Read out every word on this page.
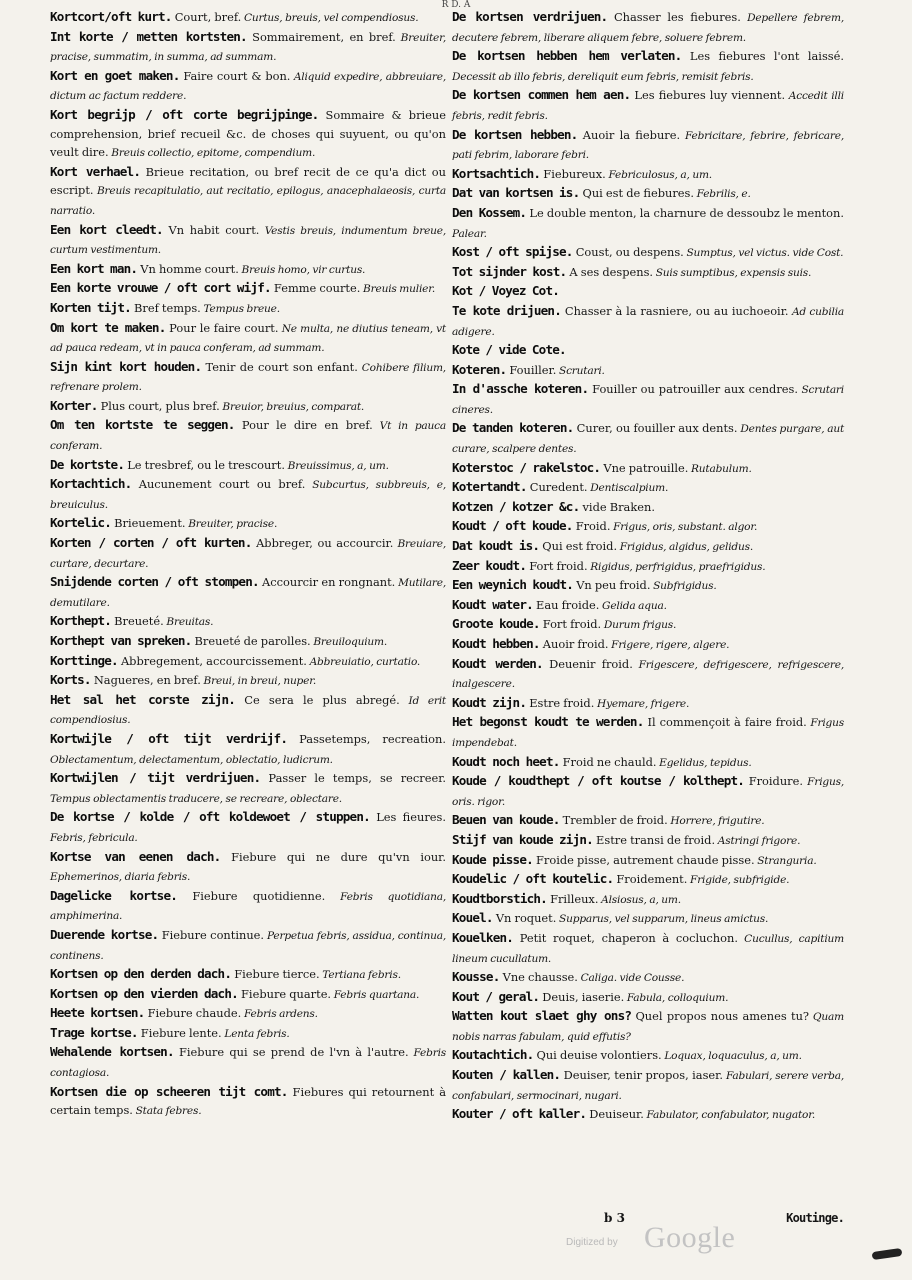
R D. A

Kortcort/oft kurt. Court, bref. Curtus, breuis, vel compendiosus.

Int korte / metten kortsten. Sommairement, en bref. Breuiter, pracise, summatim, in summa, ad summam.

Kort en goet maken. Faire court & bon. Aliquid expedire, abbreuiare, dictum ac factum reddere.

Kort begrijp / oft corte begrijpinge. Sommaire & brieue comprehension, brief recueil &c. de choses qui suyuent, ou qu'on veult dire. Breuis collectio, epitome, compendium.

Kort verhael. Brieue recitation, ou bref recit de ce qu'a dict ou escript. Breuis recapitulatio, aut recitatio, epilogus, anacephalaeosis, curta narratio.

Een kort cleedt. Vn habit court. Vestis breuis, indumentum breue, curtum vestimentum.

Een kort man. Vn homme court. Breuis homo, vir curtus.

Een korte vrouwe / oft cort wijf. Femme courte. Breuis mulier.

Korten tijt. Bref temps. Tempus breue.

Om kort te maken. Pour le faire court. Ne multa, ne diutius teneam, vt ad pauca redeam, vt in pauca conferam, ad summam.

Sijn kint kort houden. Tenir de court son enfant. Cohibere filium, refrenare prolem.

Korter. Plus court, plus bref. Breuior, breuius, comparat.

Om ten kortste te seggen. Pour le dire en bref. Vt in pauca conferam.

De kortste. Le tresbref, ou le trescourt. Breuissimus, a, um.

Kortachtich. Aucunement court ou bref. Subcurtus, subbreuis, e, breuiculus.

Kortelic. Brieuement. Breuiter, pracise.

Korten / corten / oft kurten. Abbreger, ou accourcir. Breuiare, curtare, decurtare.

Snijdende corten / oft stompen. Accourcir en rongnant. Mutilare, demutilare.

Korthept. Breueté. Breuitas.

Korthept van spreken. Breueté de parolles. Breuiloquium.

Korttinge. Abbregement, accourcissement. Abbreuiatio, curtatio.

Korts. Nagueres, en bref. Breui, in breui, nuper.

Het sal het corste zijn. Ce sera le plus abregé. Id erit compendiosius.

Kortwijle / oft tijt verdrijf. Passetemps, recreation. Oblectamentum, delectamentum, oblectatio, ludicrum.

Kortwijlen / tijt verdrijuen. Passer le temps, se recreer. Tempus oblectamentis traducere, se recreare, oblectare.

De kortse / kolde / oft koldewoet / stuppen. Les fieures. Febris, febricula.

Kortse van eenen dach. Fiebure qui ne dure qu'vn iour. Ephemerinos, diaria febris.

Dagelicke kortse. Fiebure quotidienne. Febris quotidiana, amphimerina.

Duerende kortse. Fiebure continue. Perpetua febris, assidua, continua, continens.

Kortsen op den derden dach. Fiebure tierce. Tertiana febris.

Kortsen op den vierden dach. Fiebure quarte. Febris quartana.

Heete kortsen. Fiebure chaude. Febris ardens.

Trage kortse. Fiebure lente. Lenta febris.

Wehalende kortsen. Fiebure qui se prend de l'vn à l'autre. Febris contagiosa.

Kortsen die op scheeren tijt comt. Fiebures qui retournent à certain temps. Stata febres.

De kortsen verdrijuen. Chasser les fiebures. Depellere febrem, decutere febrem, liberare aliquem febre, soluere febrem.

De kortsen hebben hem verlaten. Les fiebures l'ont laissé. Decessit ab illo febris, dereliquit eum febris, remisit febris.

De kortsen commen hem aen. Les fiebures luy viennent. Accedit illi febris, redit febris.

De kortsen hebben. Auoir la fiebure. Febricitare, febrire, febricare, pati febrim, laborare febri.

Kortsachtich. Fiebureux. Febriculosus, a, um.

Dat van kortsen is. Qui est de fiebures. Febrilis, e.

Den Kossem. Le double menton, la charnure de dessoubz le menton. Palear.

Kost / oft spijse. Coust, ou despens. Sumptus, vel victus. vide Cost.

Tot sijnder kost. A ses despens. Suis sumptibus, expensis suis.

Kot / Voyez Cot.

Te kote drijuen. Chasser à la rasniere, ou au iuchoeoir. Ad cubilia adigere.

Kote / vide Cote.

Koteren. Fouiller. Scrutari.

In d'assche koteren. Fouiller ou patrouiller aux cendres. Scrutari cineres.

De tanden koteren. Curer, ou fouiller aux dents. Dentes purgare, aut curare, scalpere dentes.

Koterstoc / rakelstoc. Vne patrouille. Rutabulum.

Kotertandt. Curedent. Dentiscalpium.

Kotzen / kotzer &c. vide Braken.

Koudt / oft koude. Froid. Frigus, oris, substant. algor.

Dat koudt is. Qui est froid. Frigidus, algidus, gelidus.

Zeer koudt. Fort froid. Rigidus, perfrigidus, praefrigidus.

Een weynich koudt. Vn peu froid. Subfrigidus.

Koudt water. Eau froide. Gelida aqua.

Groote koude. Fort froid. Durum frigus.

Koudt hebben. Auoir froid. Frigere, rigere, algere.

Koudt werden. Deuenir froid. Frigescere, defrigescere, refrigescere, inalgescere.

Koudt zijn. Estre froid. Hyemare, frigere.

Het begonst koudt te werden. Il commençoit à faire froid. Frigus impendebat.

Koudt noch heet. Froid ne chauld. Egelidus, tepidus.

Koude / koudthept / oft koutse / kolthept. Froidure. Frigus, oris. rigor.

Beuen van koude. Trembler de froid. Horrere, frigutire.

Stijf van koude zijn. Estre transi de froid. Astringi frigore.

Koude pisse. Froide pisse, autrement chaude pisse. Stranguria.

Koudelic / oft koutelic. Froidement. Frigide, subfrigide.

Koudtborstich. Frilleux. Alsiosus, a, um.

Kouel. Vn roquet. Supparus, vel supparum, lineus amictus.

Kouelken. Petit roquet, chaperon à cocluchon. Cucullus, capitium lineum cucullatum.

Kousse. Vne chausse. Caliga. vide Cousse.

Kout / geral. Deuis, iaserie. Fabula, colloquium.

Watten kout slaet ghy ons? Quel propos nous amenes tu? Quam nobis narras fabulam, quid effutis?

Koutachtich. Qui deuise volontiers. Loquax, loquaculus, a, um.

Kouten / kallen. Deuiser, tenir propos, iaser. Fabulari, serere verba, confabulari, sermocinari, nugari.

Kouter / oft kaller. Deuiseur. Fabulator, confabulator, nugator.

b 3	Koutinge.
Digitized by Google
